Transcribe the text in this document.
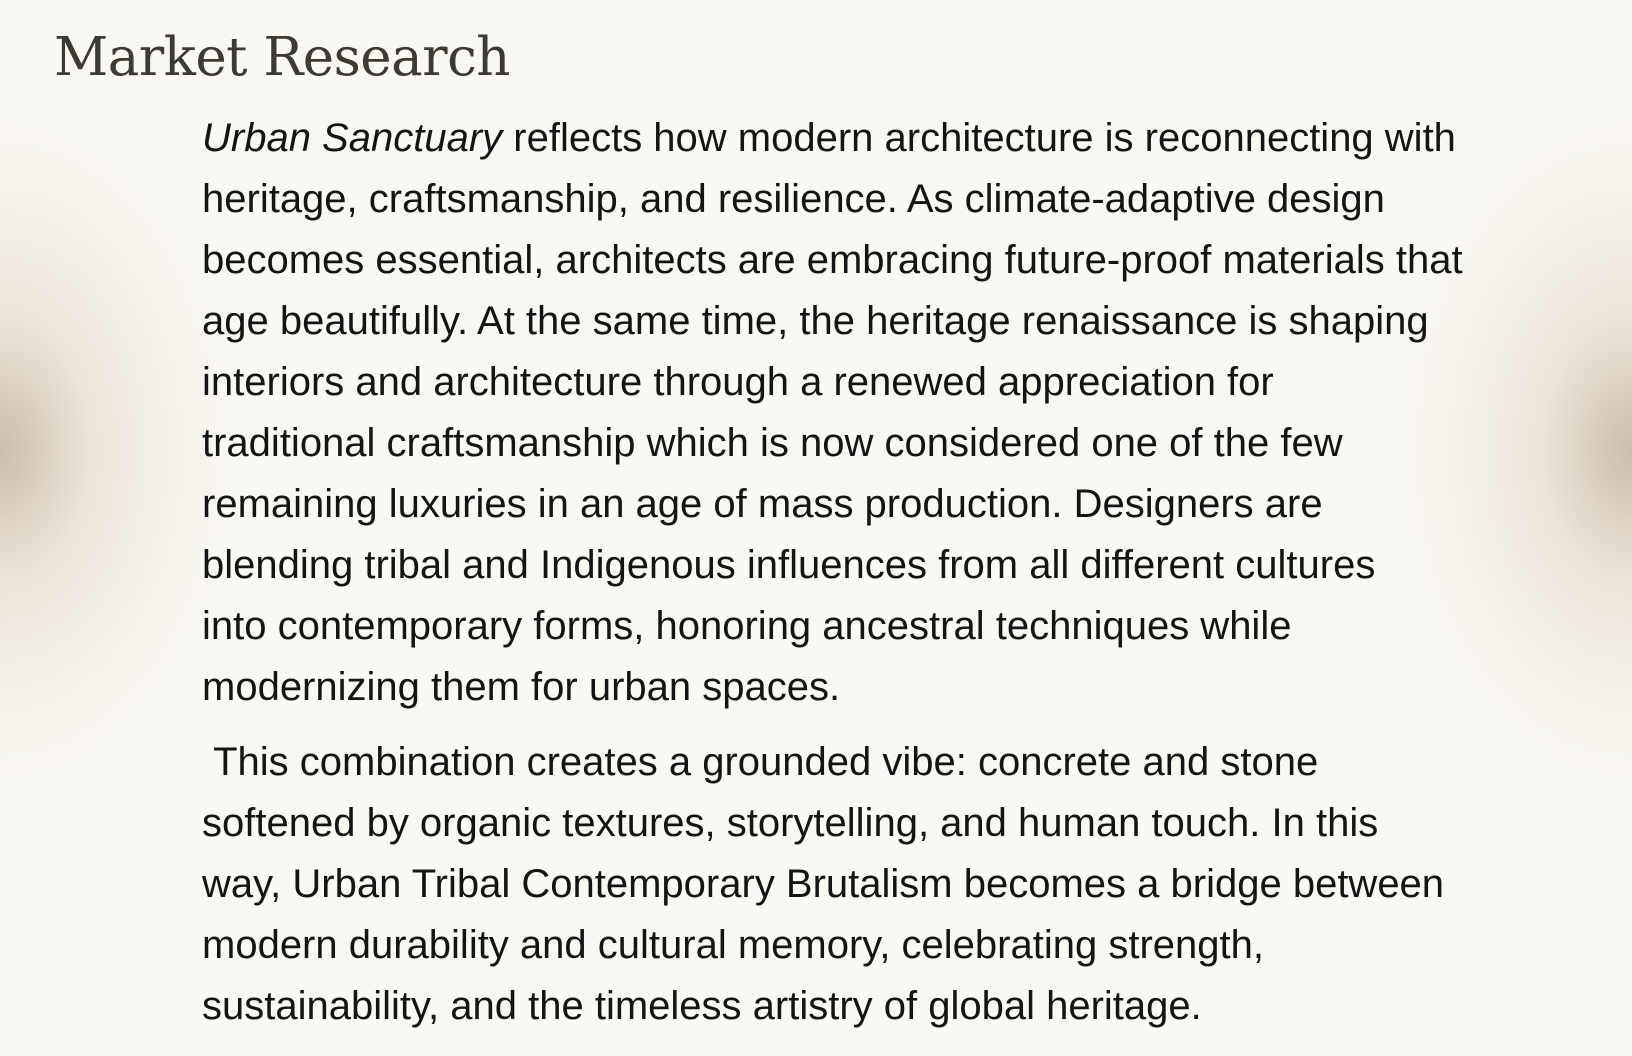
Market Research

Urban Sanctuary reflects how modern architecture is reconnecting with
heritage, craftsmanship, and resilience. As climate-adaptive design
becomes essential, architects are embracing future-proof materials that
age beautifully. At the same time, the heritage renaissance is shaping
interiors and architecture through a renewed appreciation for
traditional craftsmanship which is now considered one of the few
remaining luxuries in an age of mass production. Designers are
blending tribal and Indigenous influences from all different cultures
into contemporary forms, honoring ancestral techniques while
modernizing them for urban spaces.

This combination creates a grounded vibe: concrete and stone
softened by organic textures, storytelling, and human touch. In this
way, Urban Tribal Contemporary Brutalism becomes a bridge between
modern durability and cultural memory, celebrating strength,
sustainability, and the timeless artistry of global heritage.
